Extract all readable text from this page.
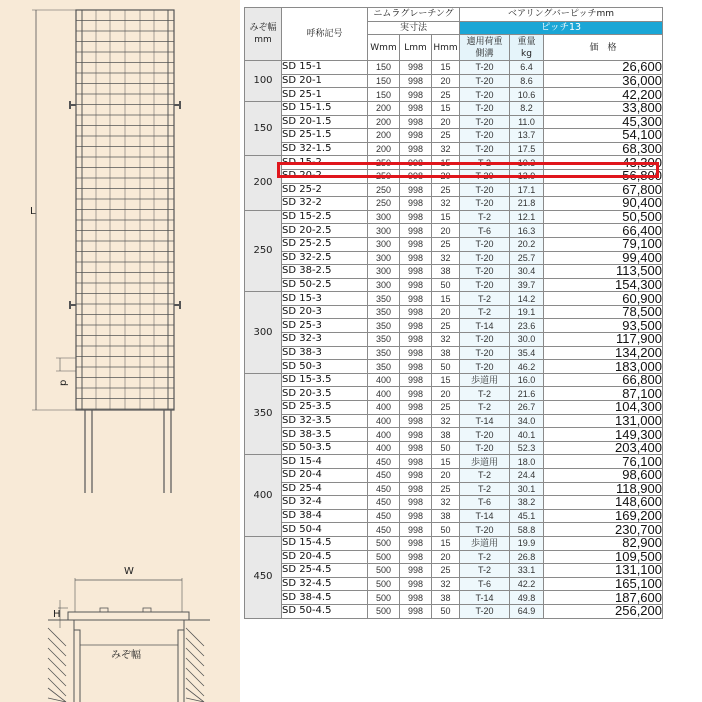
L
p
W
H
みぞ幅
みぞ幅
mm	呼称記号	ニムラグレーチング			ベアリングバーピッチmm		
		実寸法			ピッチ13		
		Wmm	Lmm	Hmm	適用荷重
側溝	重量
kg	価　格
100	SD 15-1	150	998	15	T-20	6.4	26,600
	SD 20-1	150	998	20	T-20	8.6	36,000
	SD 25-1	150	998	25	T-20	10.6	42,200
150	SD 15-1.5	200	998	15	T-20	8.2	33,800
	SD 20-1.5	200	998	20	T-20	11.0	45,300
	SD 25-1.5	200	998	25	T-20	13.7	54,100
	SD 32-1.5	200	998	32	T-20	17.5	68,300
200	SD 15-2	250	998	15	T-2	10.3	43,300
	SD 20-2	250	998	20	T-20	13.9	56,800
	SD 25-2	250	998	25	T-20	17.1	67,800
	SD 32-2	250	998	32	T-20	21.8	90,400
250	SD 15-2.5	300	998	15	T-2	12.1	50,500
	SD 20-2.5	300	998	20	T-6	16.3	66,400
	SD 25-2.5	300	998	25	T-20	20.2	79,100
	SD 32-2.5	300	998	32	T-20	25.7	99,400
	SD 38-2.5	300	998	38	T-20	30.4	113,500
	SD 50-2.5	300	998	50	T-20	39.7	154,300
300	SD 15-3	350	998	15	T-2	14.2	60,900
	SD 20-3	350	998	20	T-2	19.1	78,500
	SD 25-3	350	998	25	T-14	23.6	93,500
	SD 32-3	350	998	32	T-20	30.0	117,900
	SD 38-3	350	998	38	T-20	35.4	134,200
	SD 50-3	350	998	50	T-20	46.2	183,000
350	SD 15-3.5	400	998	15	歩道用	16.0	66,800
	SD 20-3.5	400	998	20	T-2	21.6	87,100
	SD 25-3.5	400	998	25	T-2	26.7	104,300
	SD 32-3.5	400	998	32	T-14	34.0	131,000
	SD 38-3.5	400	998	38	T-20	40.1	149,300
	SD 50-3.5	400	998	50	T-20	52.3	203,400
400	SD 15-4	450	998	15	歩道用	18.0	76,100
	SD 20-4	450	998	20	T-2	24.4	98,600
	SD 25-4	450	998	25	T-2	30.1	118,900
	SD 32-4	450	998	32	T-6	38.2	148,600
	SD 38-4	450	998	38	T-14	45.1	169,200
	SD 50-4	450	998	50	T-20	58.8	230,700
450	SD 15-4.5	500	998	15	歩道用	19.9	82,900
	SD 20-4.5	500	998	20	T-2	26.8	109,500
	SD 25-4.5	500	998	25	T-2	33.1	131,100
	SD 32-4.5	500	998	32	T-6	42.2	165,100
	SD 38-4.5	500	998	38	T-14	49.8	187,600
	SD 50-4.5	500	998	50	T-20	64.9	256,200
